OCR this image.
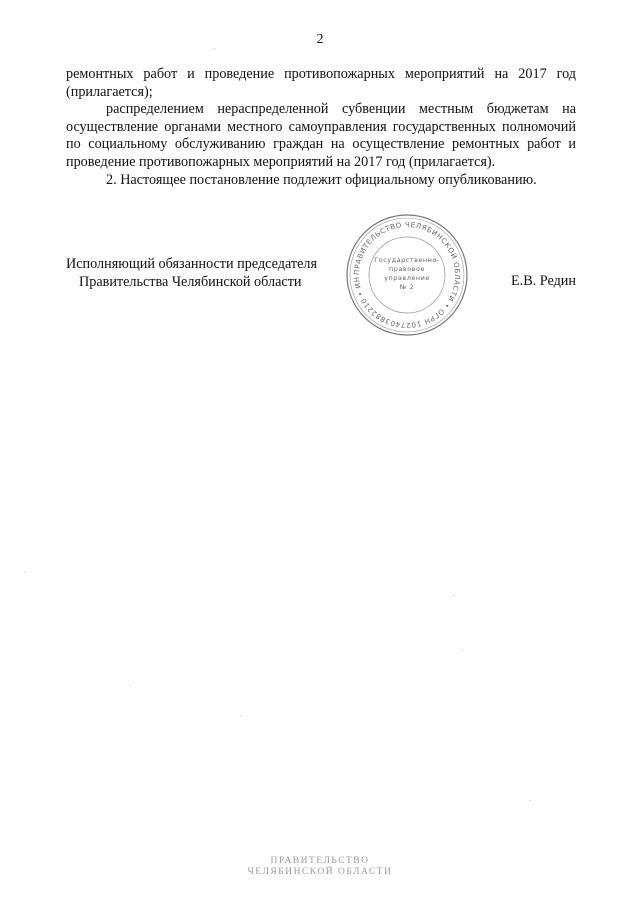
2

ремонтных работ и проведение противопожарных мероприятий на 2017 год (прилагается);

распределением нераспределенной субвенции местным бюджетам на осуществление органами местного самоуправления государственных полномочий по социальному обслуживанию граждан на осуществление ремонтных работ и проведение противопожарных мероприятий на 2017 год (прилагается).

2. Настоящее постановление подлежит официальному опубликованию.

Исполняющий обязанности председателя
Правительства Челябинской области	Е.В. Редин
ПРАВИТЕЛЬСТВО ЧЕЛЯБИНСКОЙ ОБЛАСТИ • ОГРН 1027403882210 • ИН
Государственно-
правовое
управление
№ 2
ПРАВИТЕЛЬСТВО
ЧЕЛЯБИНСКОЙ ОБЛАСТИ
